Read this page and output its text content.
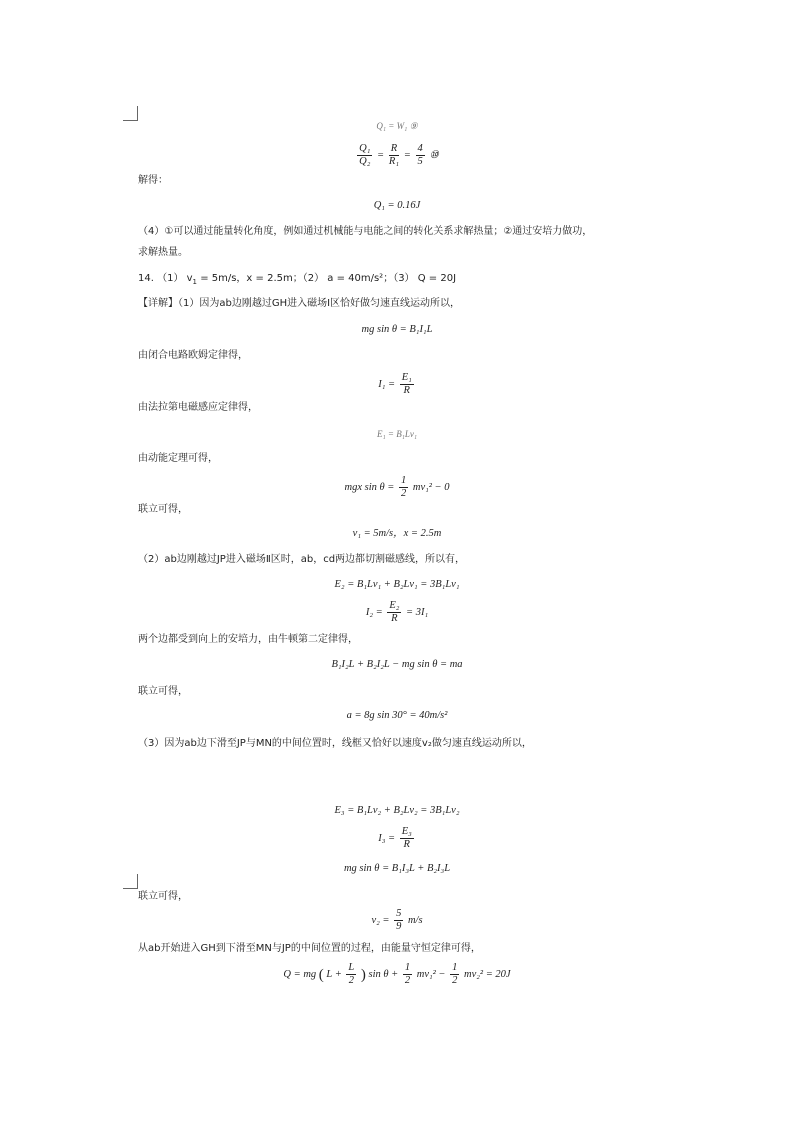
Q₁ = W₁ ⑨
$\frac{\text{Q₁}}{\text{Q₂}} = \frac{R}{\text{R₁}} = \frac{4}{5}$ ⑩
解得：
Q₁ = 0.16J
（4）①可以通过能量转化角度，例如通过机械能与电能之间的转化关系求解热量；②通过安培力做功，
求解热量。
14. （1） $v_1 = 5m/s$，x = 2.5m；（2） a = 40m/s²；（3） Q = 20J
【详解】（1）因为ab边刚越过GH进入磁场Ⅰ区恰好做匀速直线运动所以，
mg sin θ = B₁I₁L
由闭合电路欧姆定律得，
$I_1 = \frac{\text{E₁}}{R}$
由法拉第电磁感应定律得，
E₁ = B₁Lv₁
由动能定理可得，
mgx $\sin \theta = \frac{1}{2} mv_1^2 - 0$
联立可得，
v₁ = 5m/s，x = 2.5m
（2）ab边刚越过JP进入磁场Ⅱ区时，ab，cd两边都切割磁感线，所以有，
E₂ = B₁Lv₁ + B₂Lv₁ = 3B₁Lv₁
$I_2 = \frac{\text{E₂}}{R} = 3I_1$
两个边都受到向上的安培力，由牛顿第二定律得，
B₁I₂L + B₂I₂L − mg sin θ = ma
联立可得，
a = 8g sin 30° = 40m/s²
（3）因为ab边下滑至JP与MN的中间位置时，线框又恰好以速度v₂做匀速直线运动所以，
E₃ = B₁Lv₂ + B₂Lv₂ = 3B₁Lv₂
$I_3 = \frac{\text{E₃}}{R}$
mg sin θ = B₁I₃L + B₂I₃L
联立可得，
$v_2 = \frac{5}{9} m/s$
从ab开始进入GH到下滑至MN与JP的中间位置的过程，由能量守恒定律可得，
Q = mg ( $L + \frac{L}{2}$ ) $\sin \theta + \frac{1}{2} mv_1^2 - \frac{1}{2} mv_2^2 = 20J$
